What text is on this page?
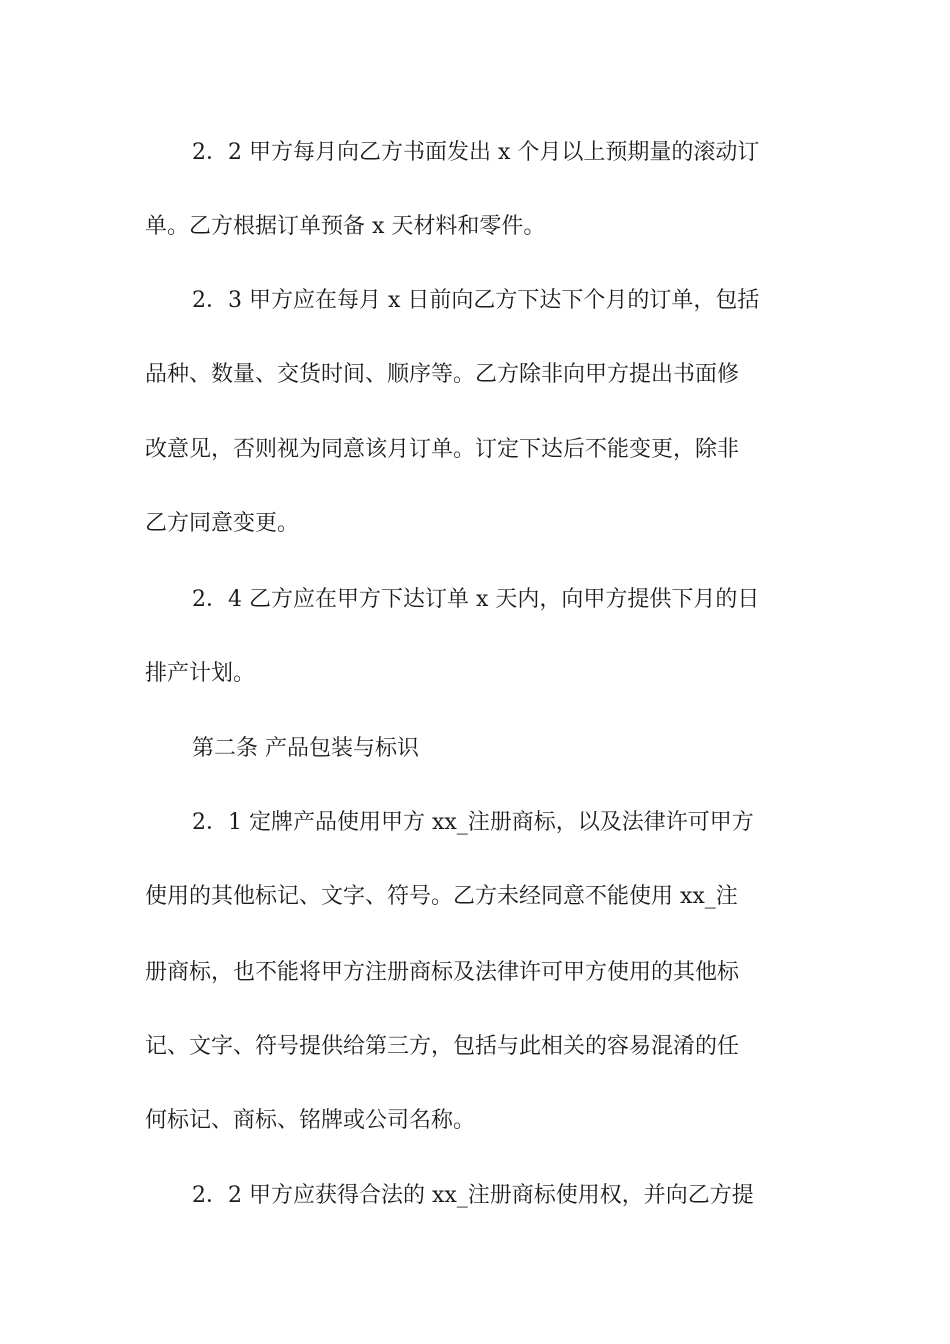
2．2 甲方每月向乙方书面发出 x 个月以上预期量的滚动订
单。乙方根据订单预备 x 天材料和零件。
2．3 甲方应在每月 x 日前向乙方下达下个月的订单，包括
品种、数量、交货时间、顺序等。乙方除非向甲方提出书面修
改意见，否则视为同意该月订单。订定下达后不能变更，除非
乙方同意变更。
2．4 乙方应在甲方下达订单 x 天内，向甲方提供下月的日
排产计划。
第二条 产品包装与标识
2．1 定牌产品使用甲方 xx_注册商标，以及法律许可甲方
使用的其他标记、文字、符号。乙方未经同意不能使用 xx_注
册商标，也不能将甲方注册商标及法律许可甲方使用的其他标
记、文字、符号提供给第三方，包括与此相关的容易混淆的任
何标记、商标、铭牌或公司名称。
2．2 甲方应获得合法的 xx_注册商标使用权，并向乙方提
